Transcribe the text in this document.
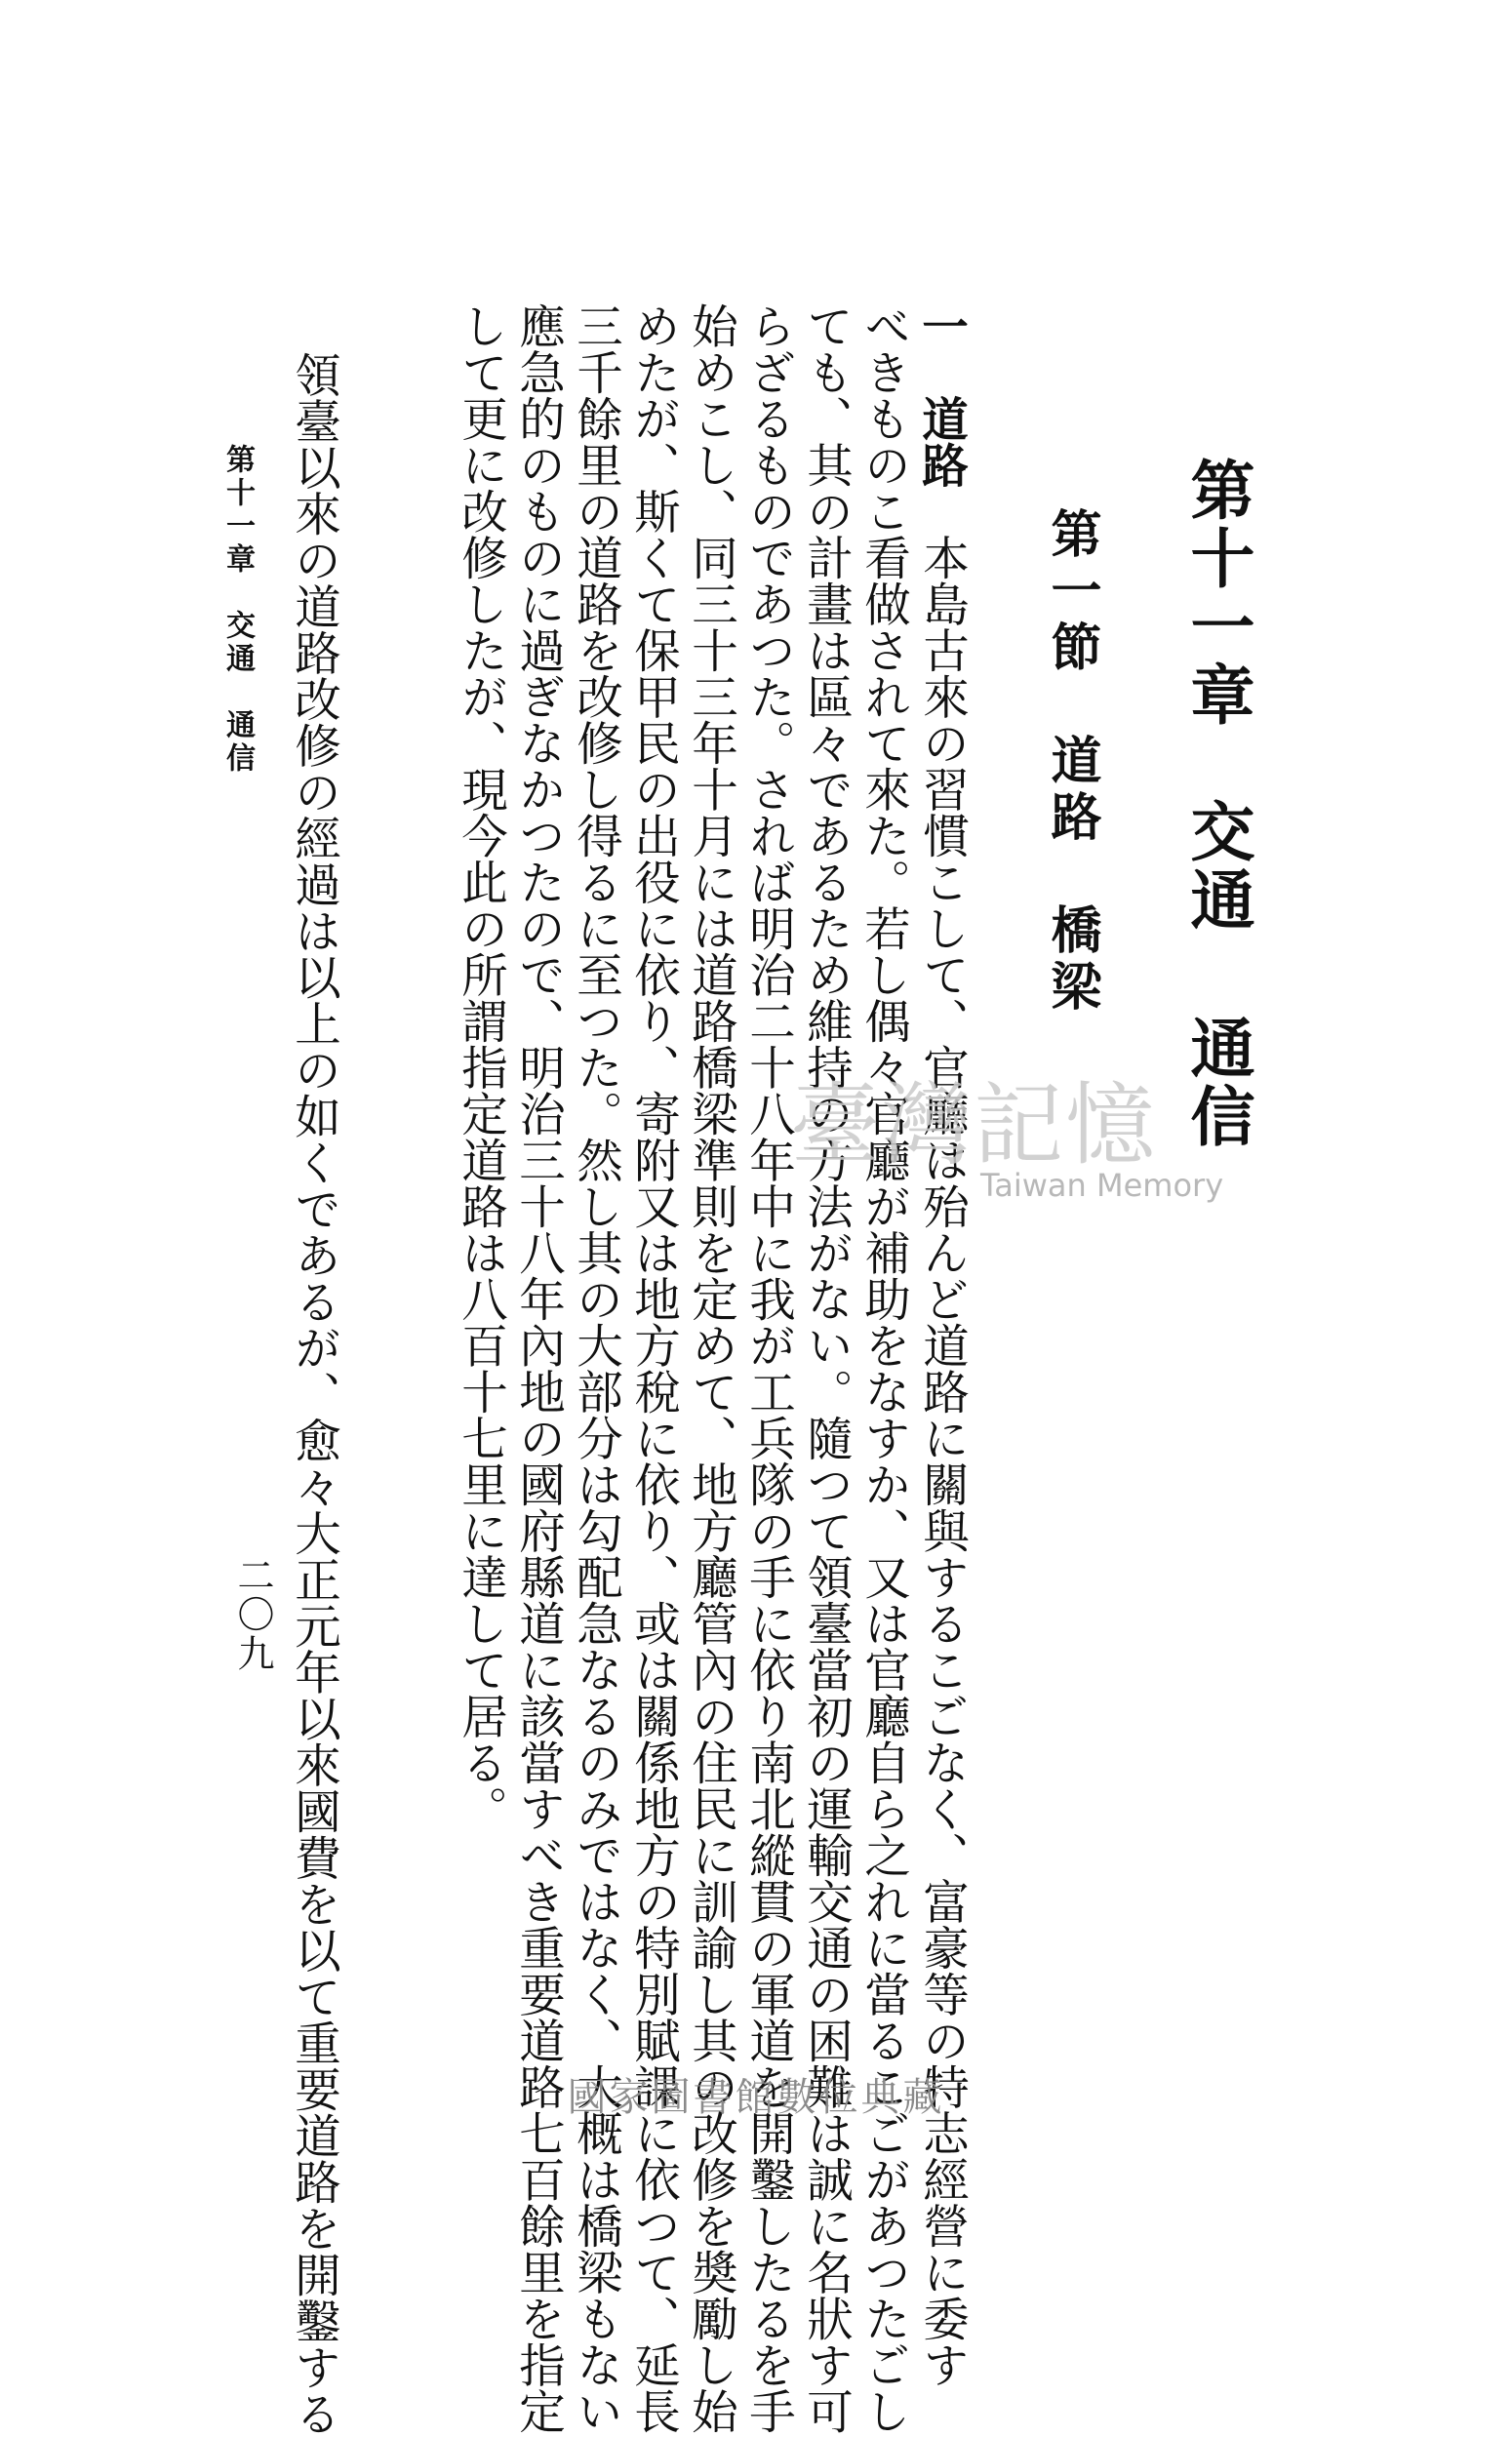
第十一章　交通 通信
第一節　道路　橋梁
一　道路　本島古來の習慣こして、官廳は殆んど道路に關與するこごなく、富豪等の特志經營に委す
べきものこ看做されて來た。若し偶々官廳が補助をなすか、又は官廳自ら之れに當るこごがあつたごし
ても、其の計畫は區々であるため維持の方法がない。隨つて領臺當初の運輸交通の困難は誠に名狀す可
らざるものであつた。されば明治二十八年中に我が工兵隊の手に依り南北縱貫の軍道を開鑿したるを手
始めこし、同三十三年十月には道路橋梁準則を定めて、地方廳管內の住民に訓諭し其の改修を奬勵し始
めたが、斯くて保甲民の出役に依り、寄附又は地方稅に依り、或は關係地方の特別賦課に依つて、延長
三千餘里の道路を改修し得るに至つた。然し其の大部分は勾配急なるのみではなく、大概は橋梁もない
應急的のものに過ぎなかつたので、明治三十八年內地の國府縣道に該當すべき重要道路七百餘里を指定
して更に改修したが、現今此の所謂指定道路は八百十七里に達して居る。
領臺以來の道路改修の經過は以上の如くであるが、愈々大正元年以來國費を以て重要道路を開鑿する
第十一章　交通　通信
二〇九
臺灣記憶
Taiwan Memory
國家圖書館數位典藏
